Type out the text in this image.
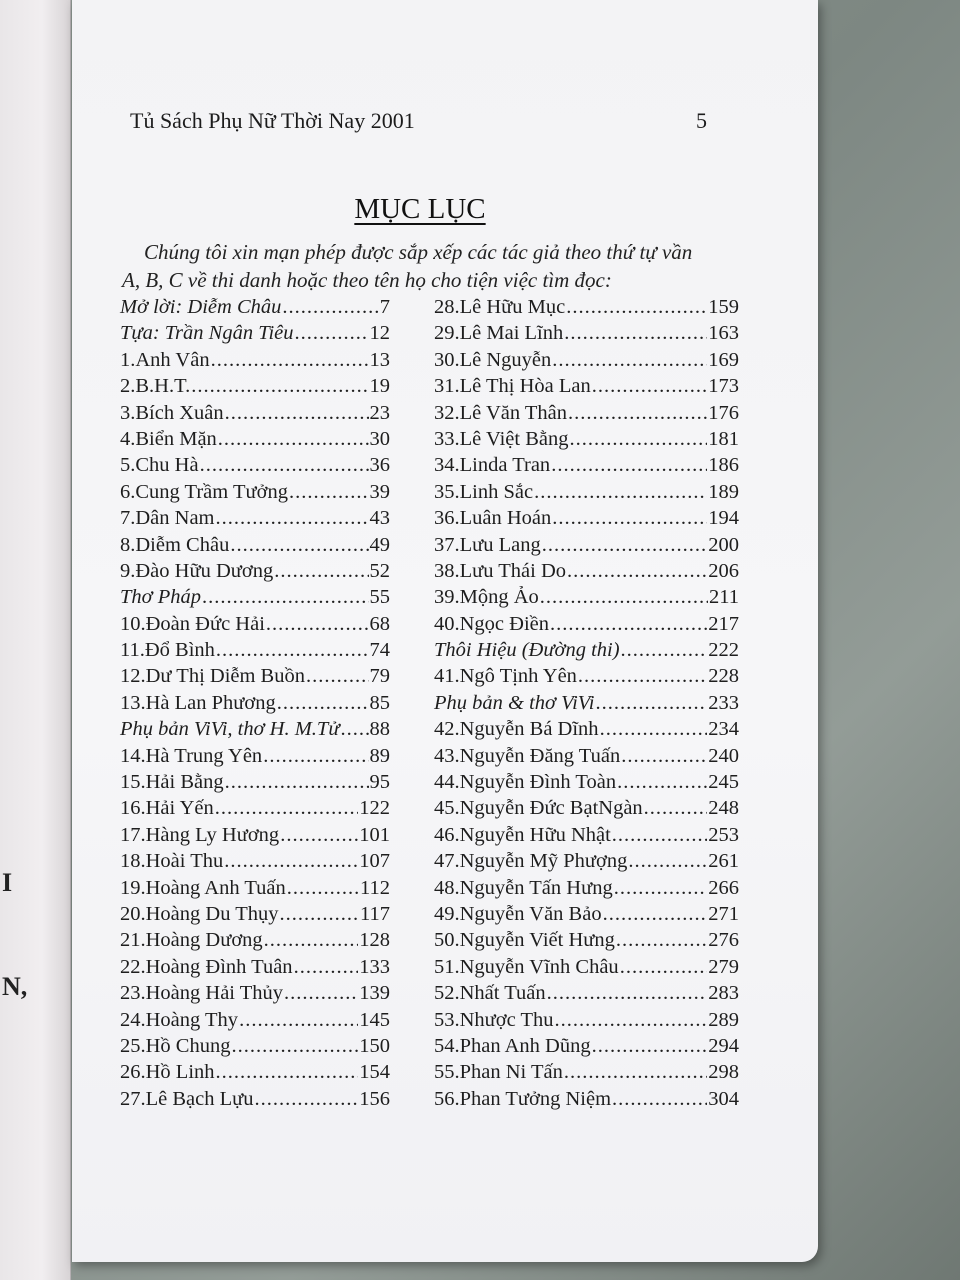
I
N,
Tủ Sách Phụ Nữ Thời Nay 2001	5
MỤC LỤC
Chúng tôi xin mạn phép được sắp xếp các tác giả theo thứ tự vần
A, B, C về thi danh hoặc theo tên họ cho tiện việc tìm đọc:
Mở lời: Diễm Châu .....	7
Tựa: Trần Ngân Tiêu .....	12
1.Anh Vân .....	13
2.B.H.T. .....	19
3.Bích Xuân .....	23
4.Biển Mặn .....	30
5.Chu Hà .....	36
6.Cung Trầm Tưởng .....	39
7.Dân Nam .....	43
8.Diễm Châu .....	49
9.Đào Hữu Dương .....	52
Thơ Pháp .....	55
10.Đoàn Đức Hải .....	68
11.Đổ Bình .....	74
12.Dư Thị Diễm Buồn .....	79
13.Hà Lan Phương .....	85
Phụ bản ViVi, thơ H. M.Tử ..... 88
14.Hà Trung Yên .....	89
15.Hải Bằng .....	95
16.Hải Yến .....	122
17.Hàng Ly Hương .....	101
18.Hoài Thu .....	107
19.Hoàng Anh Tuấn .....	112
20.Hoàng Du Thụy .....	117
21.Hoàng Dương .....	128
22.Hoàng Đình Tuân .....	133
23.Hoàng Hải Thủy .....	139
24.Hoàng Thy .....	145
25.Hồ Chung .....	150
26.Hồ Linh .....	154
27.Lê Bạch Lựu .....	156
28.Lê Hữu Mục .....	159
29.Lê Mai Lĩnh .....	163
30.Lê Nguyễn .....	169
31.Lê Thị Hòa Lan .....	173
32.Lê Văn Thân .....	176
33.Lê Việt Bằng .....	181
34.Linda Tran .....	186
35.Linh Sắc .....	189
36.Luân Hoán .....	194
37.Lưu Lang .....	200
38.Lưu Thái Do .....	206
39.Mộng Ảo .....	211
40.Ngọc Điền .....	217
Thôi Hiệu (Đường thi) .....	222
41.Ngô Tịnh Yên .....	228
Phụ bản & thơ ViVi .....	233
42.Nguyễn Bá Dĩnh .....	234
43.Nguyễn Đăng Tuấn .....	240
44.Nguyễn Đình Toàn .....	245
45.Nguyễn Đức BạtNgàn .....	248
46.Nguyễn Hữu Nhật .....	253
47.Nguyễn Mỹ Phượng .....	261
48.Nguyễn Tấn Hưng .....	266
49.Nguyễn Văn Bảo .....	271
50.Nguyễn Viết Hưng .....	276
51.Nguyễn Vĩnh Châu .....	279
52.Nhất Tuấn .....	283
53.Nhược Thu .....	289
54.Phan Anh Dũng .....	294
55.Phan Ni Tấn .....	298
56.Phan Tưởng Niệm .....	304
